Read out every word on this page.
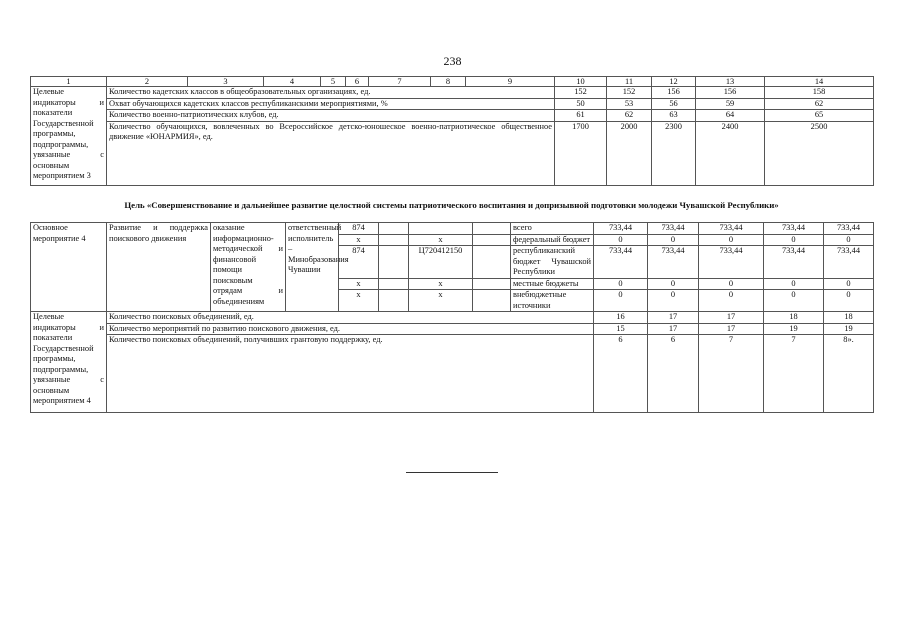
238
1	2	3	4	5	6	7	8	9	10	11	12	13	14
Целевые индикаторы и показатели Государственной программы, подпрограммы, увязанные с основным мероприятием 3	Количество кадетских классов в общеобразовательных организациях, ед.								152	152	156	156	158
	Охват обучающихся кадетских классов республиканскими мероприятиями, %								50	53	56	59	62
	Количество военно-патриотических клубов, ед.								61	62	63	64	65
	Количество обучающихся, вовлеченных во Всероссийское детско-юношеское военно-патриотическое общественное движение «ЮНАРМИЯ», ед.								1700	2000	2300	2400	2500
Цель «Совершенствование и дальнейшее развитие целостной системы патриотического воспитания и допризывной подготовки молодежи Чувашской Республики»
Основное мероприятие 4	Развитие и поддержка поискового движения	оказание информационно-методической и финансовой помощи поисковым отрядам и объединениям	ответственный исполнитель – Минобразования Чувашии	874				всего	733,44	733,44	733,44	733,44	733,44
				x		x		федеральный бюджет	0	0	0	0	0
				874		Ц720412150		республиканский бюджет Чувашской Республики	733,44	733,44	733,44	733,44	733,44
				x		x		местные бюджеты	0	0	0	0	0
				x		x		внебюджетные источники	0	0	0	0	0
Целевые индикаторы и показатели Государственной программы, подпрограммы, увязанные с основным мероприятием 4	Количество поисковых объединений, ед.								16	17	17	18	18
	Количество мероприятий по развитию поискового движения, ед.								15	17	17	19	19
	Количество поисковых объединений, получивших грантовую поддержку, ед.								6	6	7	7	8».
